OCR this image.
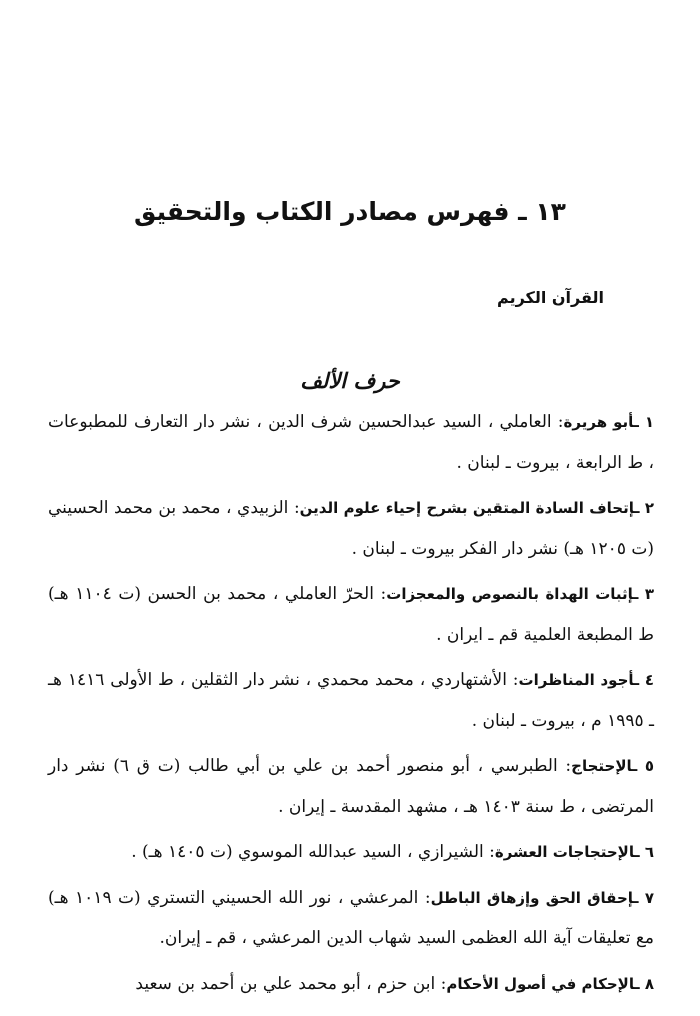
١٣ ـ فهرس مصادر الكتاب والتحقيق
القرآن الكريم
حرف الألف
١ ـأبو هريرة: العاملي ، السيد عبدالحسين شرف الدين ، نشر دار التعارف للمطبوعات ، ط الرابعة ، بيروت ـ لبنان .
٢ ـإتحاف السادة المتقين بشرح إحياء علوم الدين: الزبيدي ، محمد بن محمد الحسيني (ت ١٢٠٥ هـ) نشر دار الفكر بيروت ـ لبنان .
٣ ـإثبات الهداة بالنصوص والمعجزات: الحرّ العاملي ، محمد بن الحسن (ت ١١٠٤ هـ) ط المطبعة العلمية قم ـ ايران .
٤ ـأجود المناظرات: الأشتهاردي ، محمد محمدي ، نشر دار الثقلين ، ط الأولى ١٤١٦ هـ ـ ١٩٩٥ م ، بيروت ـ لبنان .
٥ ـالإحتجاج: الطبرسي ، أبو منصور أحمد بن علي بن أبي طالب (ت ق ٦) نشر دار المرتضى ، ط سنة ١٤٠٣ هـ ، مشهد المقدسة ـ إيران .
٦ ـالإحتجاجات العشرة: الشيرازي ، السيد عبدالله الموسوي (ت ١٤٠٥ هـ) .
٧ ـإحقاق الحق وإزهاق الباطل: المرعشي ، نور الله الحسيني التستري (ت ١٠١٩ هـ) مع تعليقات آية الله العظمى السيد شهاب الدين المرعشي ، قم ـ إيران.
٨ ـالإحكام في أصول الأحكام: ابن حزم ، أبو محمد علي بن أحمد بن سعيد
